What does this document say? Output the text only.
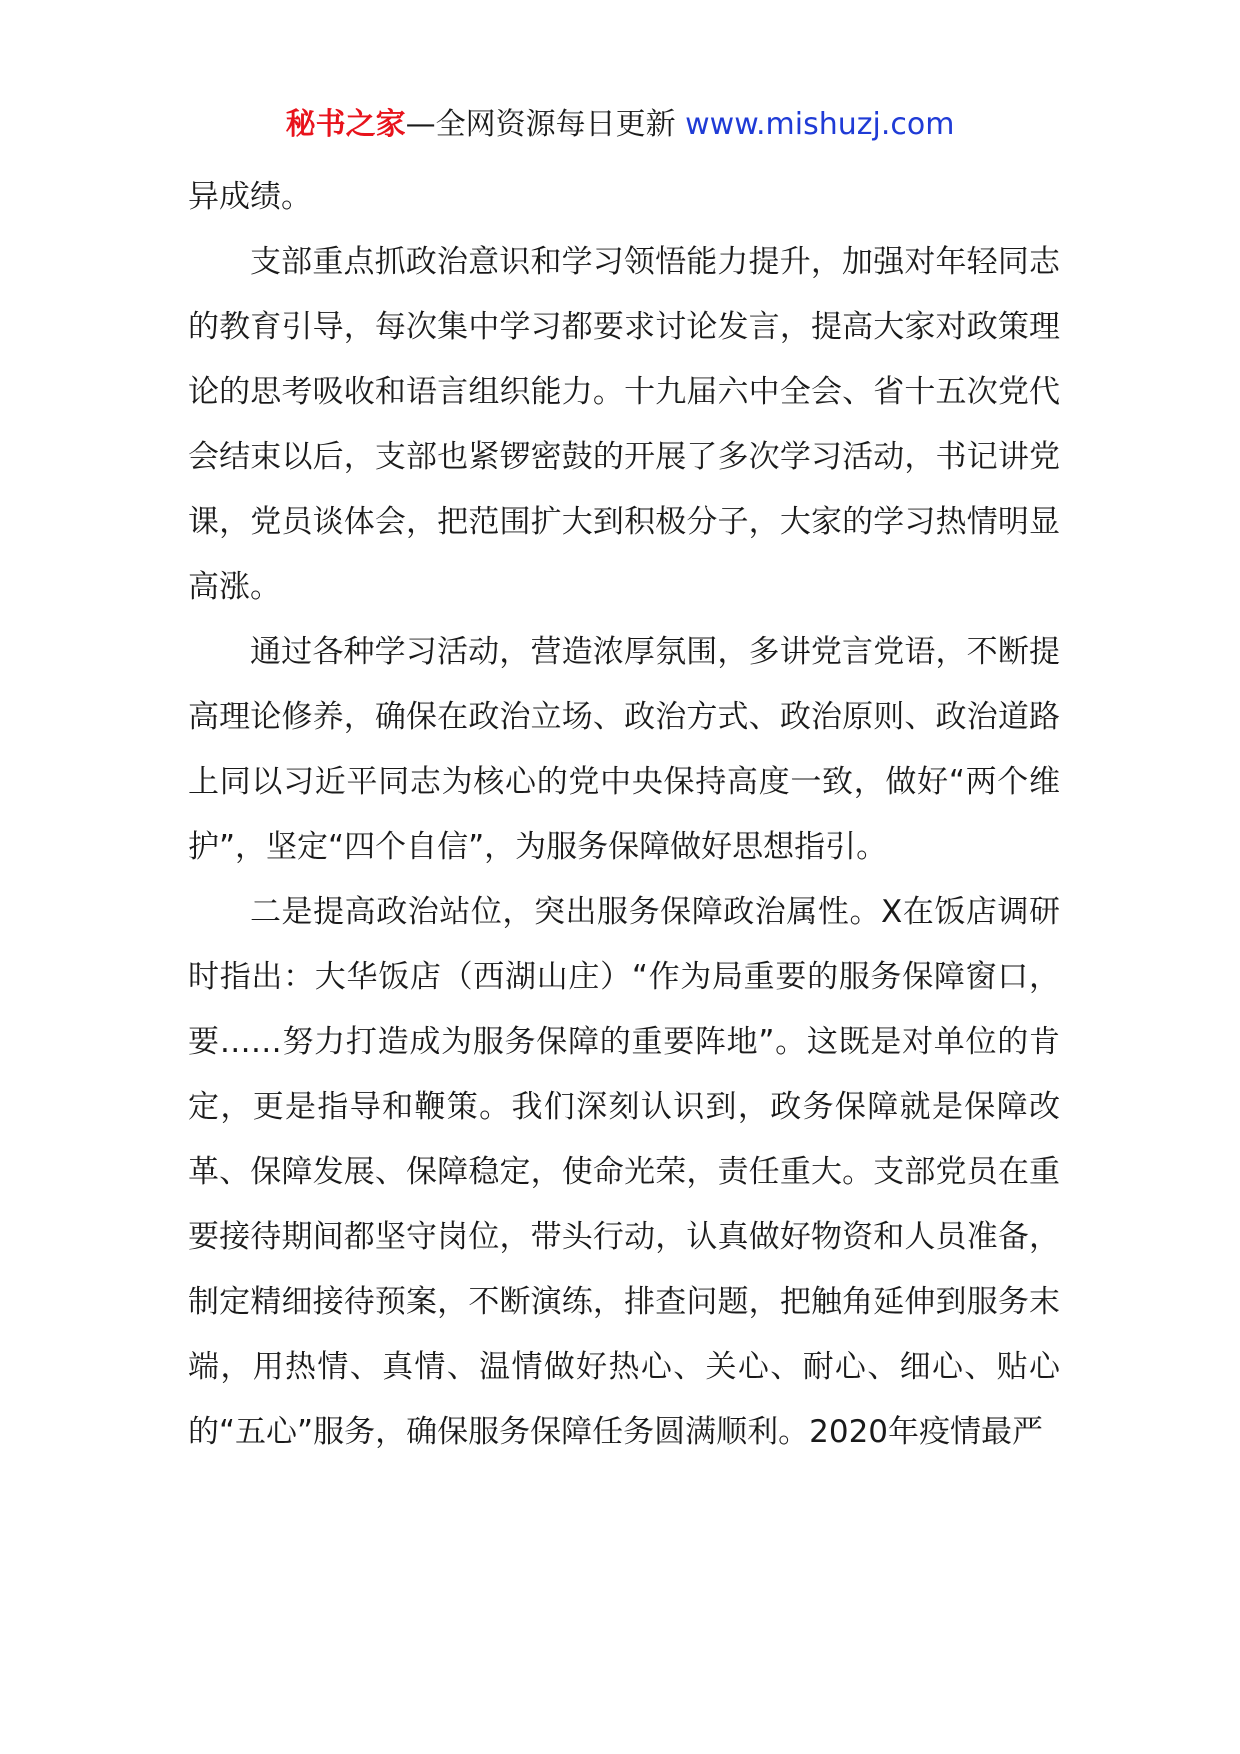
秘书之家—全网资源每日更新 www.mishuzj.com

异成绩。

支部重点抓政治意识和学习领悟能力提升，加强对年轻同志的教育引导，每次集中学习都要求讨论发言，提高大家对政策理论的思考吸收和语言组织能力。十九届六中全会、省十五次党代会结束以后，支部也紧锣密鼓的开展了多次学习活动，书记讲党课，党员谈体会，把范围扩大到积极分子，大家的学习热情明显高涨。

通过各种学习活动，营造浓厚氛围，多讲党言党语，不断提高理论修养，确保在政治立场、政治方式、政治原则、政治道路上同以习近平同志为核心的党中央保持高度一致，做好“两个维护”，坚定“四个自信”，为服务保障做好思想指引。

二是提高政治站位，突出服务保障政治属性。X在饭店调研时指出：大华饭店（西湖山庄）“作为局重要的服务保障窗口，要……努力打造成为服务保障的重要阵地”。这既是对单位的肯定，更是指导和鞭策。我们深刻认识到，政务保障就是保障改革、保障发展、保障稳定，使命光荣，责任重大。支部党员在重要接待期间都坚守岗位，带头行动，认真做好物资和人员准备，制定精细接待预案，不断演练，排查问题，把触角延伸到服务末端，用热情、真情、温情做好热心、关心、耐心、细心、贴心的“五心”服务，确保服务保障任务圆满顺利。2020年疫情最严
